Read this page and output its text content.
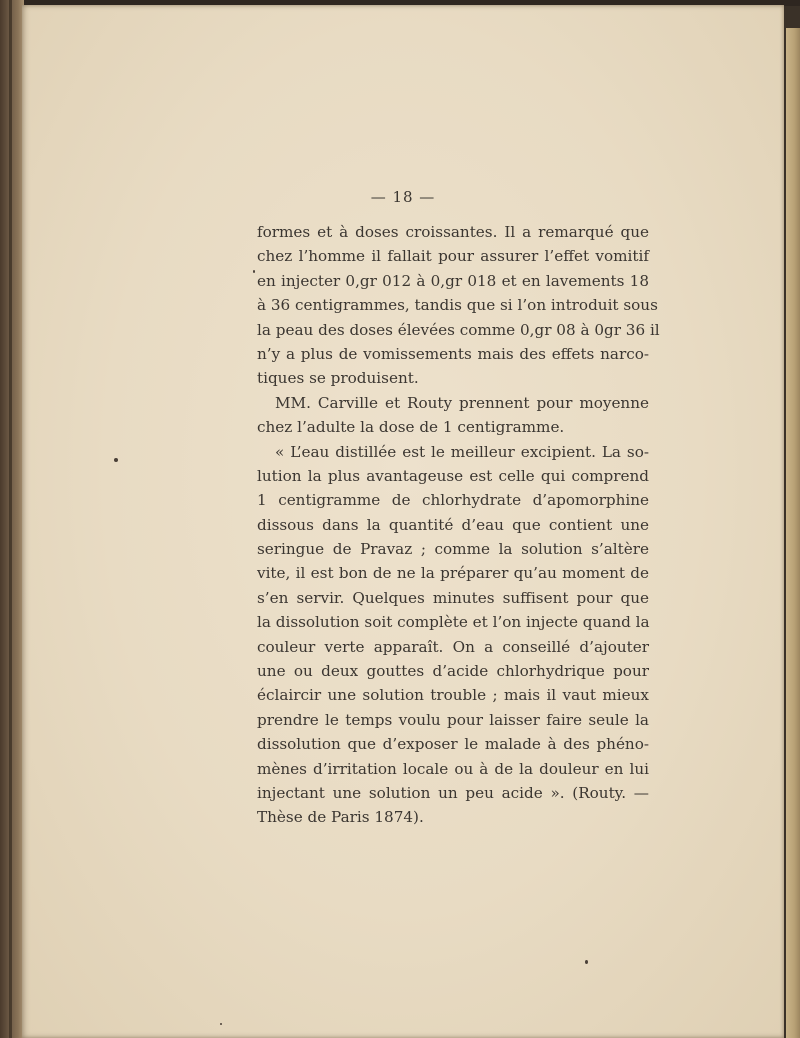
— 18 —
formes et à doses croissantes. Il a remarqué que
chez l’homme il fallait pour assurer l’effet vomitif
en injecter 0,gr 012 à 0,gr 018 et en lavements 18
à 36 centigrammes, tandis que si l’on introduit sous
la peau des doses élevées comme 0,gr 08 à 0gr 36 il
n’y a plus de vomissements mais des effets narco-
tiques se produisent.
MM. Carville et Routy prennent pour moyenne
chez l’adulte la dose de 1 centigramme.
« L’eau distillée est le meilleur excipient. La so-
lution la plus avantageuse est celle qui comprend
1 centigramme de chlorhydrate d’apomorphine
dissous dans la quantité d’eau que contient une
seringue de Pravaz ; comme la solution s’altère
vite, il est bon de ne la préparer qu’au moment de
s’en servir. Quelques minutes suffisent pour que
la dissolution soit complète et l’on injecte quand la
couleur verte apparaît. On a conseillé d’ajouter
une ou deux gouttes d’acide chlorhydrique pour
éclaircir une solution trouble ; mais il vaut mieux
prendre le temps voulu pour laisser faire seule la
dissolution que d’exposer le malade à des phéno-
mènes d’irritation locale ou à de la douleur en lui
injectant une solution un peu acide ». (Routy. —
Thèse de Paris 1874).
